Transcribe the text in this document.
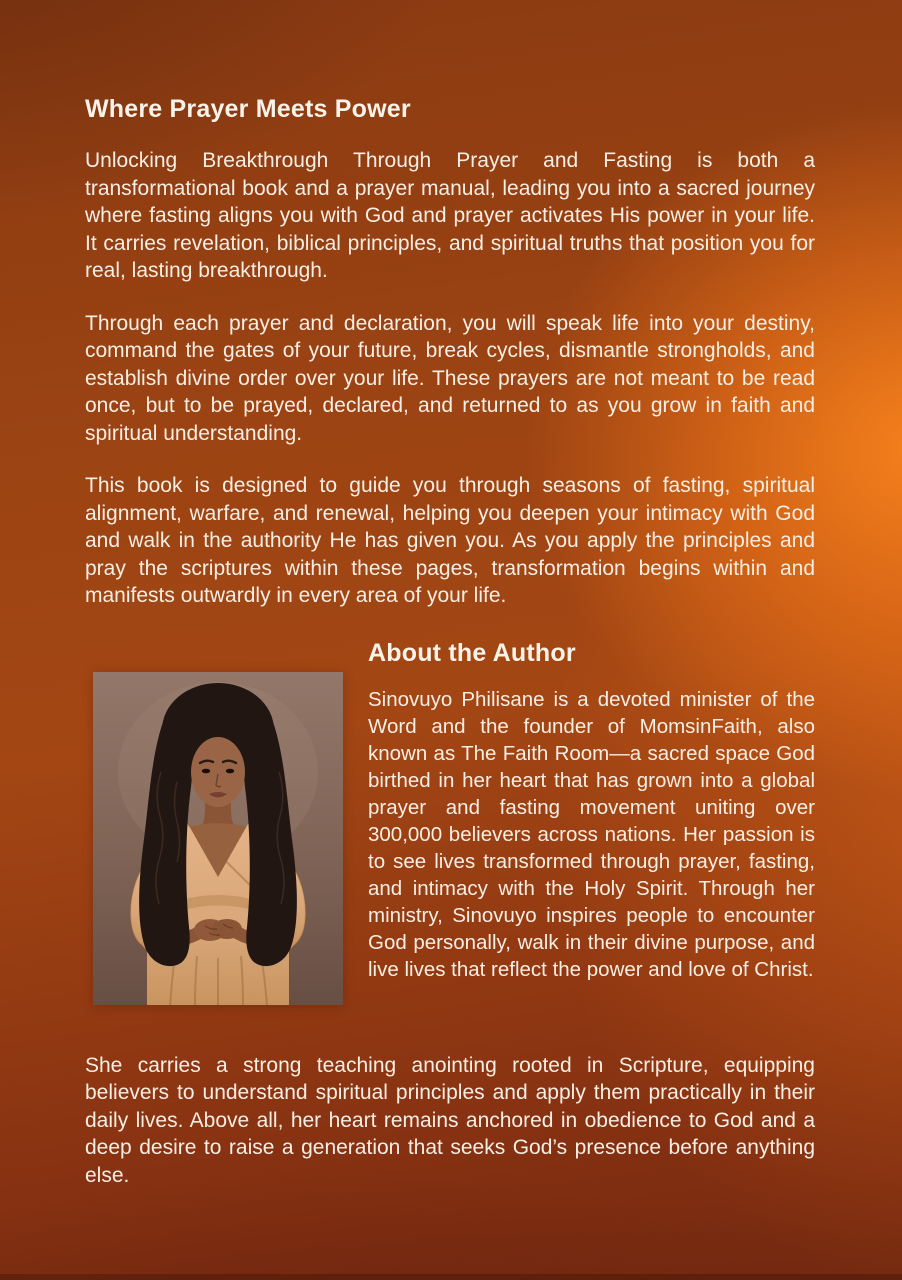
Where Prayer Meets Power

Unlocking Breakthrough Through Prayer and Fasting is both a transformational book and a prayer manual, leading you into a sacred journey where fasting aligns you with God and prayer activates His power in your life. It carries revelation, biblical principles, and spiritual truths that position you for real, lasting breakthrough.

Through each prayer and declaration, you will speak life into your destiny, command the gates of your future, break cycles, dismantle strongholds, and establish divine order over your life. These prayers are not meant to be read once, but to be prayed, declared, and returned to as you grow in faith and spiritual understanding.

This book is designed to guide you through seasons of fasting, spiritual alignment, warfare, and renewal, helping you deepen your intimacy with God and walk in the authority He has given you. As you apply the principles and pray the scriptures within these pages, transformation begins within and manifests outwardly in every area of your life.

About the Author

Sinovuyo Philisane is a devoted minister of the Word and the founder of MomsinFaith, also known as The Faith Room—a sacred space God birthed in her heart that has grown into a global prayer and fasting movement uniting over 300,000 believers across nations. Her passion is to see lives transformed through prayer, fasting, and intimacy with the Holy Spirit. Through her ministry, Sinovuyo inspires people to encounter God personally, walk in their divine purpose, and live lives that reflect the power and love of Christ.

She carries a strong teaching anointing rooted in Scripture, equipping believers to understand spiritual principles and apply them practically in their daily lives. Above all, her heart remains anchored in obedience to God and a deep desire to raise a generation that seeks God’s presence before anything else.
